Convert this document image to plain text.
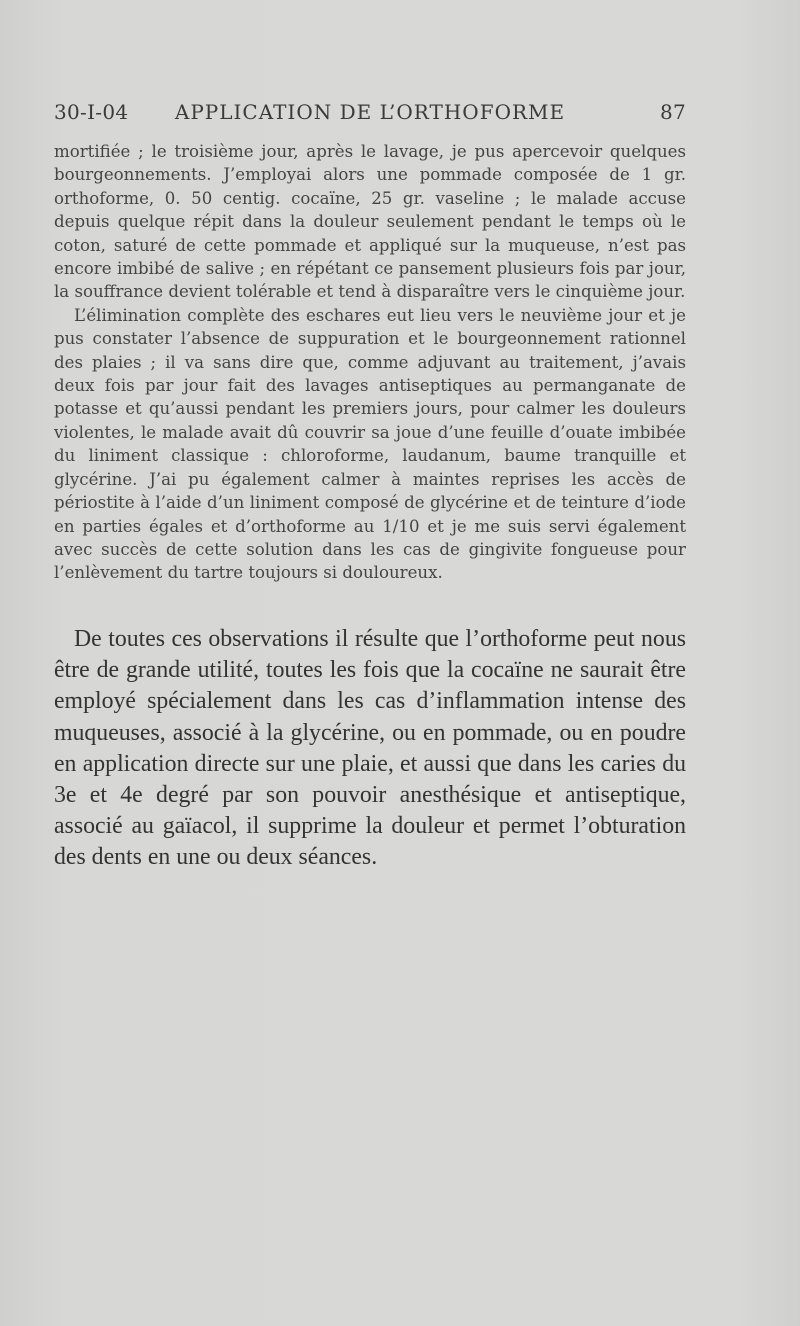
30-I-04	APPLICATION DE L’ORTHOFORME	87

mortifiée ; le troisième jour, après le lavage, je pus apercevoir quelques bourgeonnements. J’employai alors une pommade composée de 1 gr. orthoforme, 0. 50 centig. cocaïne, 25 gr. vaseline ; le malade accuse depuis quelque répit dans la douleur seulement pendant le temps où le coton, saturé de cette pommade et appliqué sur la muqueuse, n’est pas encore imbibé de salive ; en répétant ce pansement plusieurs fois par jour, la souffrance devient tolérable et tend à disparaître vers le cinquième jour.

L’élimination complète des eschares eut lieu vers le neuvième jour et je pus constater l’absence de suppuration et le bourgeonnement rationnel des plaies ; il va sans dire que, comme adjuvant au traitement, j’avais deux fois par jour fait des lavages antiseptiques au permanganate de potasse et qu’aussi pendant les premiers jours, pour calmer les douleurs violentes, le malade avait dû couvrir sa joue d’une feuille d’ouate imbibée du liniment classique : chloroforme, laudanum, baume tranquille et glycérine. J’ai pu également calmer à maintes reprises les accès de périostite à l’aide d’un liniment composé de glycérine et de teinture d’iode en parties égales et d’orthoforme au 1/10 et je me suis servi également avec succès de cette solution dans les cas de gingivite fongueuse pour l’enlèvement du tartre toujours si douloureux.

De toutes ces observations il résulte que l’orthoforme peut nous être de grande utilité, toutes les fois que la cocaïne ne saurait être employé spécialement dans les cas d’inflammation intense des muqueuses, associé à la glycérine, ou en pommade, ou en poudre en application directe sur une plaie, et aussi que dans les caries du 3e et 4e degré par son pouvoir anesthésique et antiseptique, associé au gaïacol, il supprime la douleur et permet l’obturation des dents en une ou deux séances.
